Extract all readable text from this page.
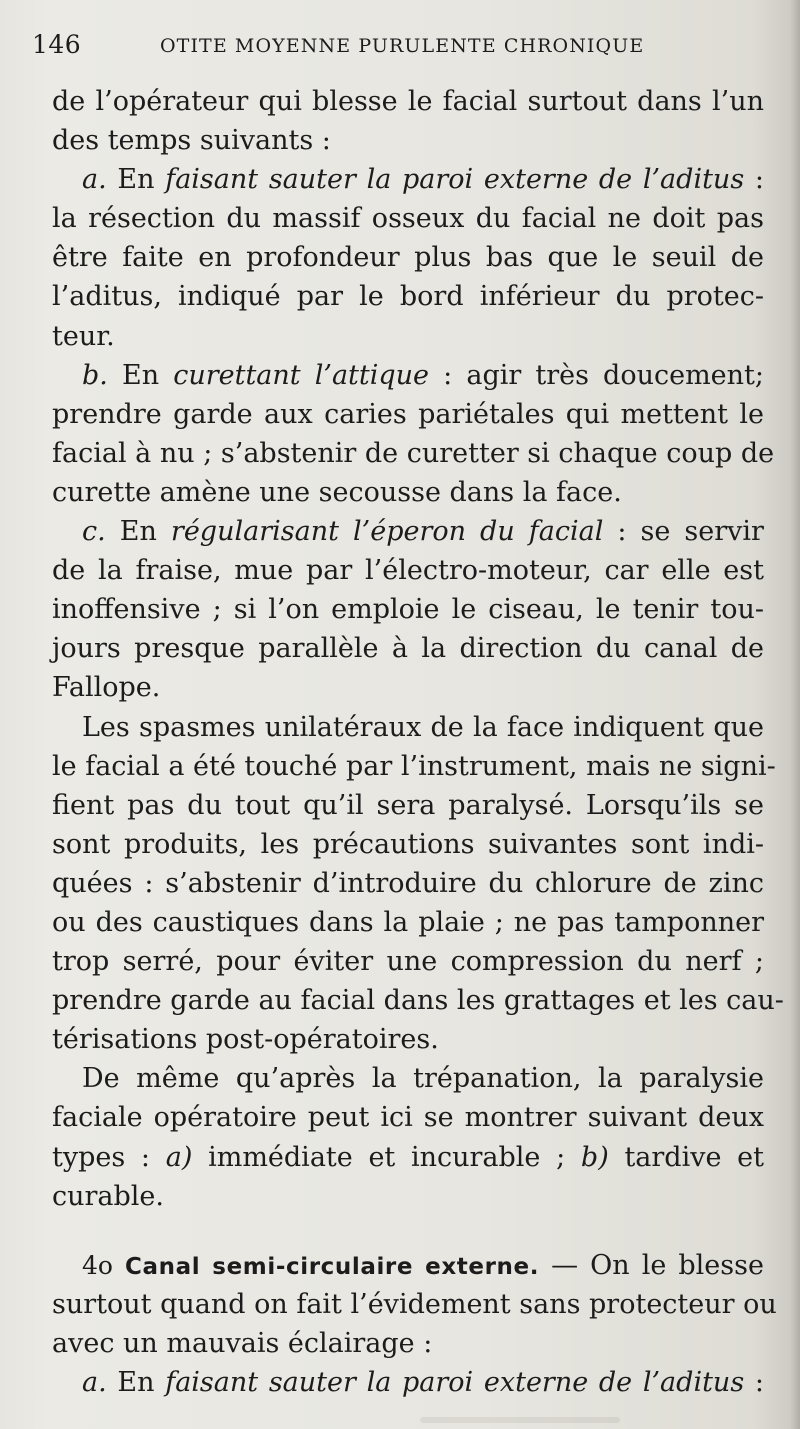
146	OTITE MOYENNE PURULENTE CHRONIQUE
de l’opérateur qui blesse le facial surtout dans l’un
des temps suivants :
a. En faisant sauter la paroi externe de l’aditus :
la résection du massif osseux du facial ne doit pas
être faite en profondeur plus bas que le seuil de
l’aditus, indiqué par le bord inférieur du protec-
teur.
b. En curettant l’attique : agir très doucement;
prendre garde aux caries pariétales qui mettent le
facial à nu ; s’abstenir de curetter si chaque coup de
curette amène une secousse dans la face.
c. En régularisant l’éperon du facial : se servir
de la fraise, mue par l’électro-moteur, car elle est
inoffensive ; si l’on emploie le ciseau, le tenir tou-
jours presque parallèle à la direction du canal de
Fallope.
Les spasmes unilatéraux de la face indiquent que
le facial a été touché par l’instrument, mais ne signi-
fient pas du tout qu’il sera paralysé. Lorsqu’ils se
sont produits, les précautions suivantes sont indi-
quées : s’abstenir d’introduire du chlorure de zinc
ou des caustiques dans la plaie ; ne pas tamponner
trop serré, pour éviter une compression du nerf ;
prendre garde au facial dans les grattages et les cau-
térisations post-opératoires.
De même qu’après la trépanation, la paralysie
faciale opératoire peut ici se montrer suivant deux
types : a) immédiate et incurable ; b) tardive et
curable.
4o Canal semi-circulaire externe. — On le blesse
surtout quand on fait l’évidement sans protecteur ou
avec un mauvais éclairage :
a. En faisant sauter la paroi externe de l’aditus :
